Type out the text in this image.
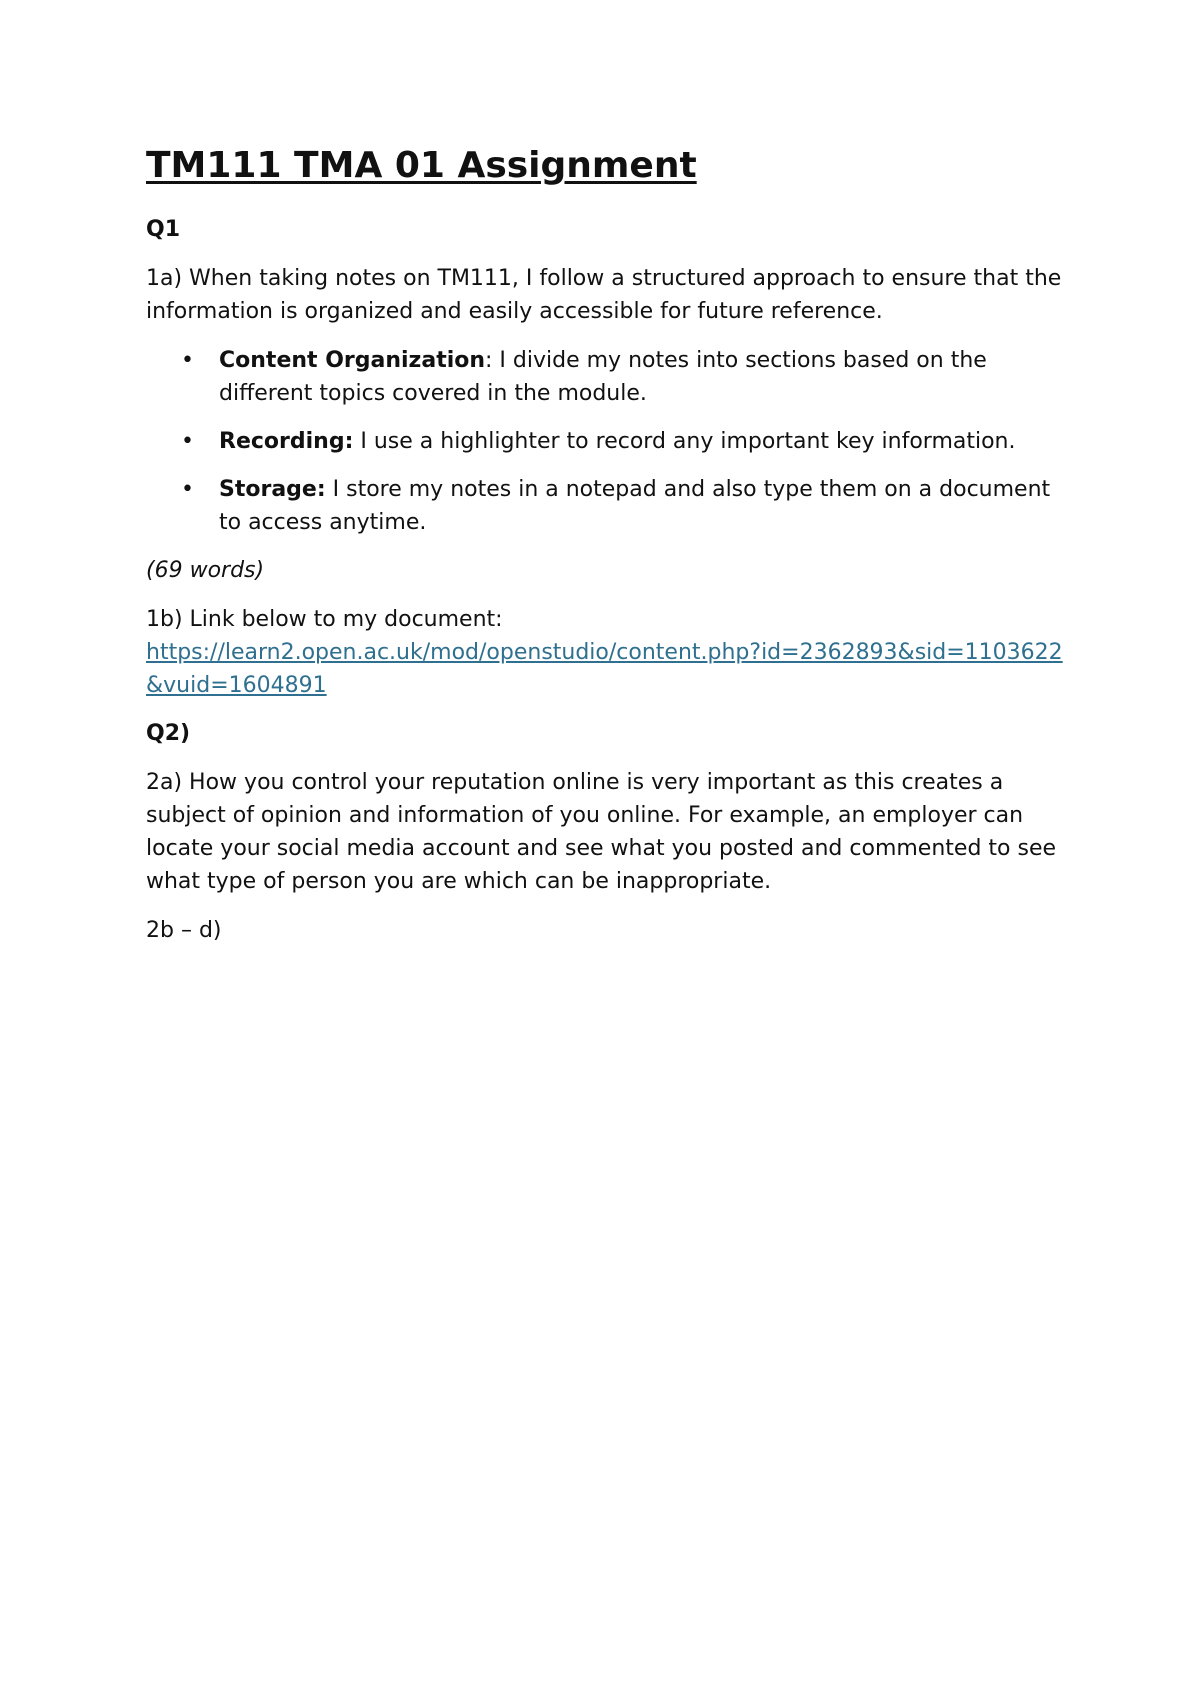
TM111 TMA 01 Assignment
Q1

1a) When taking notes on TM111, I follow a structured approach to ensure that the information is organized and easily accessible for future reference.

• Content Organization: I divide my notes into sections based on the different topics covered in the module.
• Recording: I use a highlighter to record any important key information.
• Storage: I store my notes in a notepad and also type them on a document to access anytime.

(69 words)

1b) Link below to my document:
https://learn2.open.ac.uk/mod/openstudio/content.php?id=2362893&sid=1103622&vuid=1604891

Q2)

2a) How you control your reputation online is very important as this creates a subject of opinion and information of you online. For example, an employer can locate your social media account and see what you posted and commented to see what type of person you are which can be inappropriate.

2b – d)
